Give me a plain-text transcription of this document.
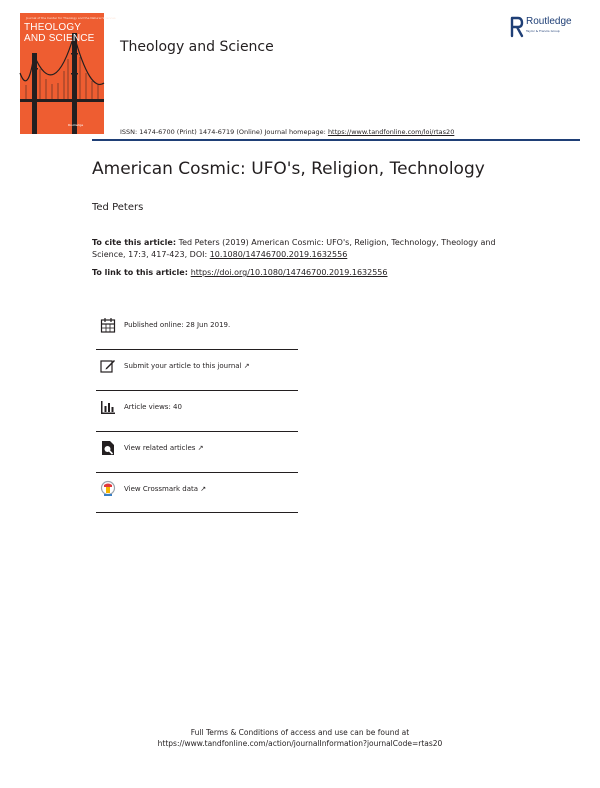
Journal of the Center for Theology and the Natural Sciences
THEOLOGY AND SCIENCE
Routledge
Theology and Science
Routledge
Taylor & Francis Group
ISSN: 1474-6700 (Print) 1474-6719 (Online) Journal homepage: https://www.tandfonline.com/loi/rtas20
American Cosmic: UFO's, Religion, Technology
Ted Peters
To cite this article: Ted Peters (2019) American Cosmic: UFO's, Religion, Technology, Theology and Science, 17:3, 417-423, DOI: 10.1080/14746700.2019.1632556
To link to this article: https://doi.org/10.1080/14746700.2019.1632556
Published online: 28 Jun 2019.
Submit your article to this journal ↗
Article views: 40
View related articles ↗
View Crossmark data ↗
Full Terms & Conditions of access and use can be found at
https://www.tandfonline.com/action/journalInformation?journalCode=rtas20
